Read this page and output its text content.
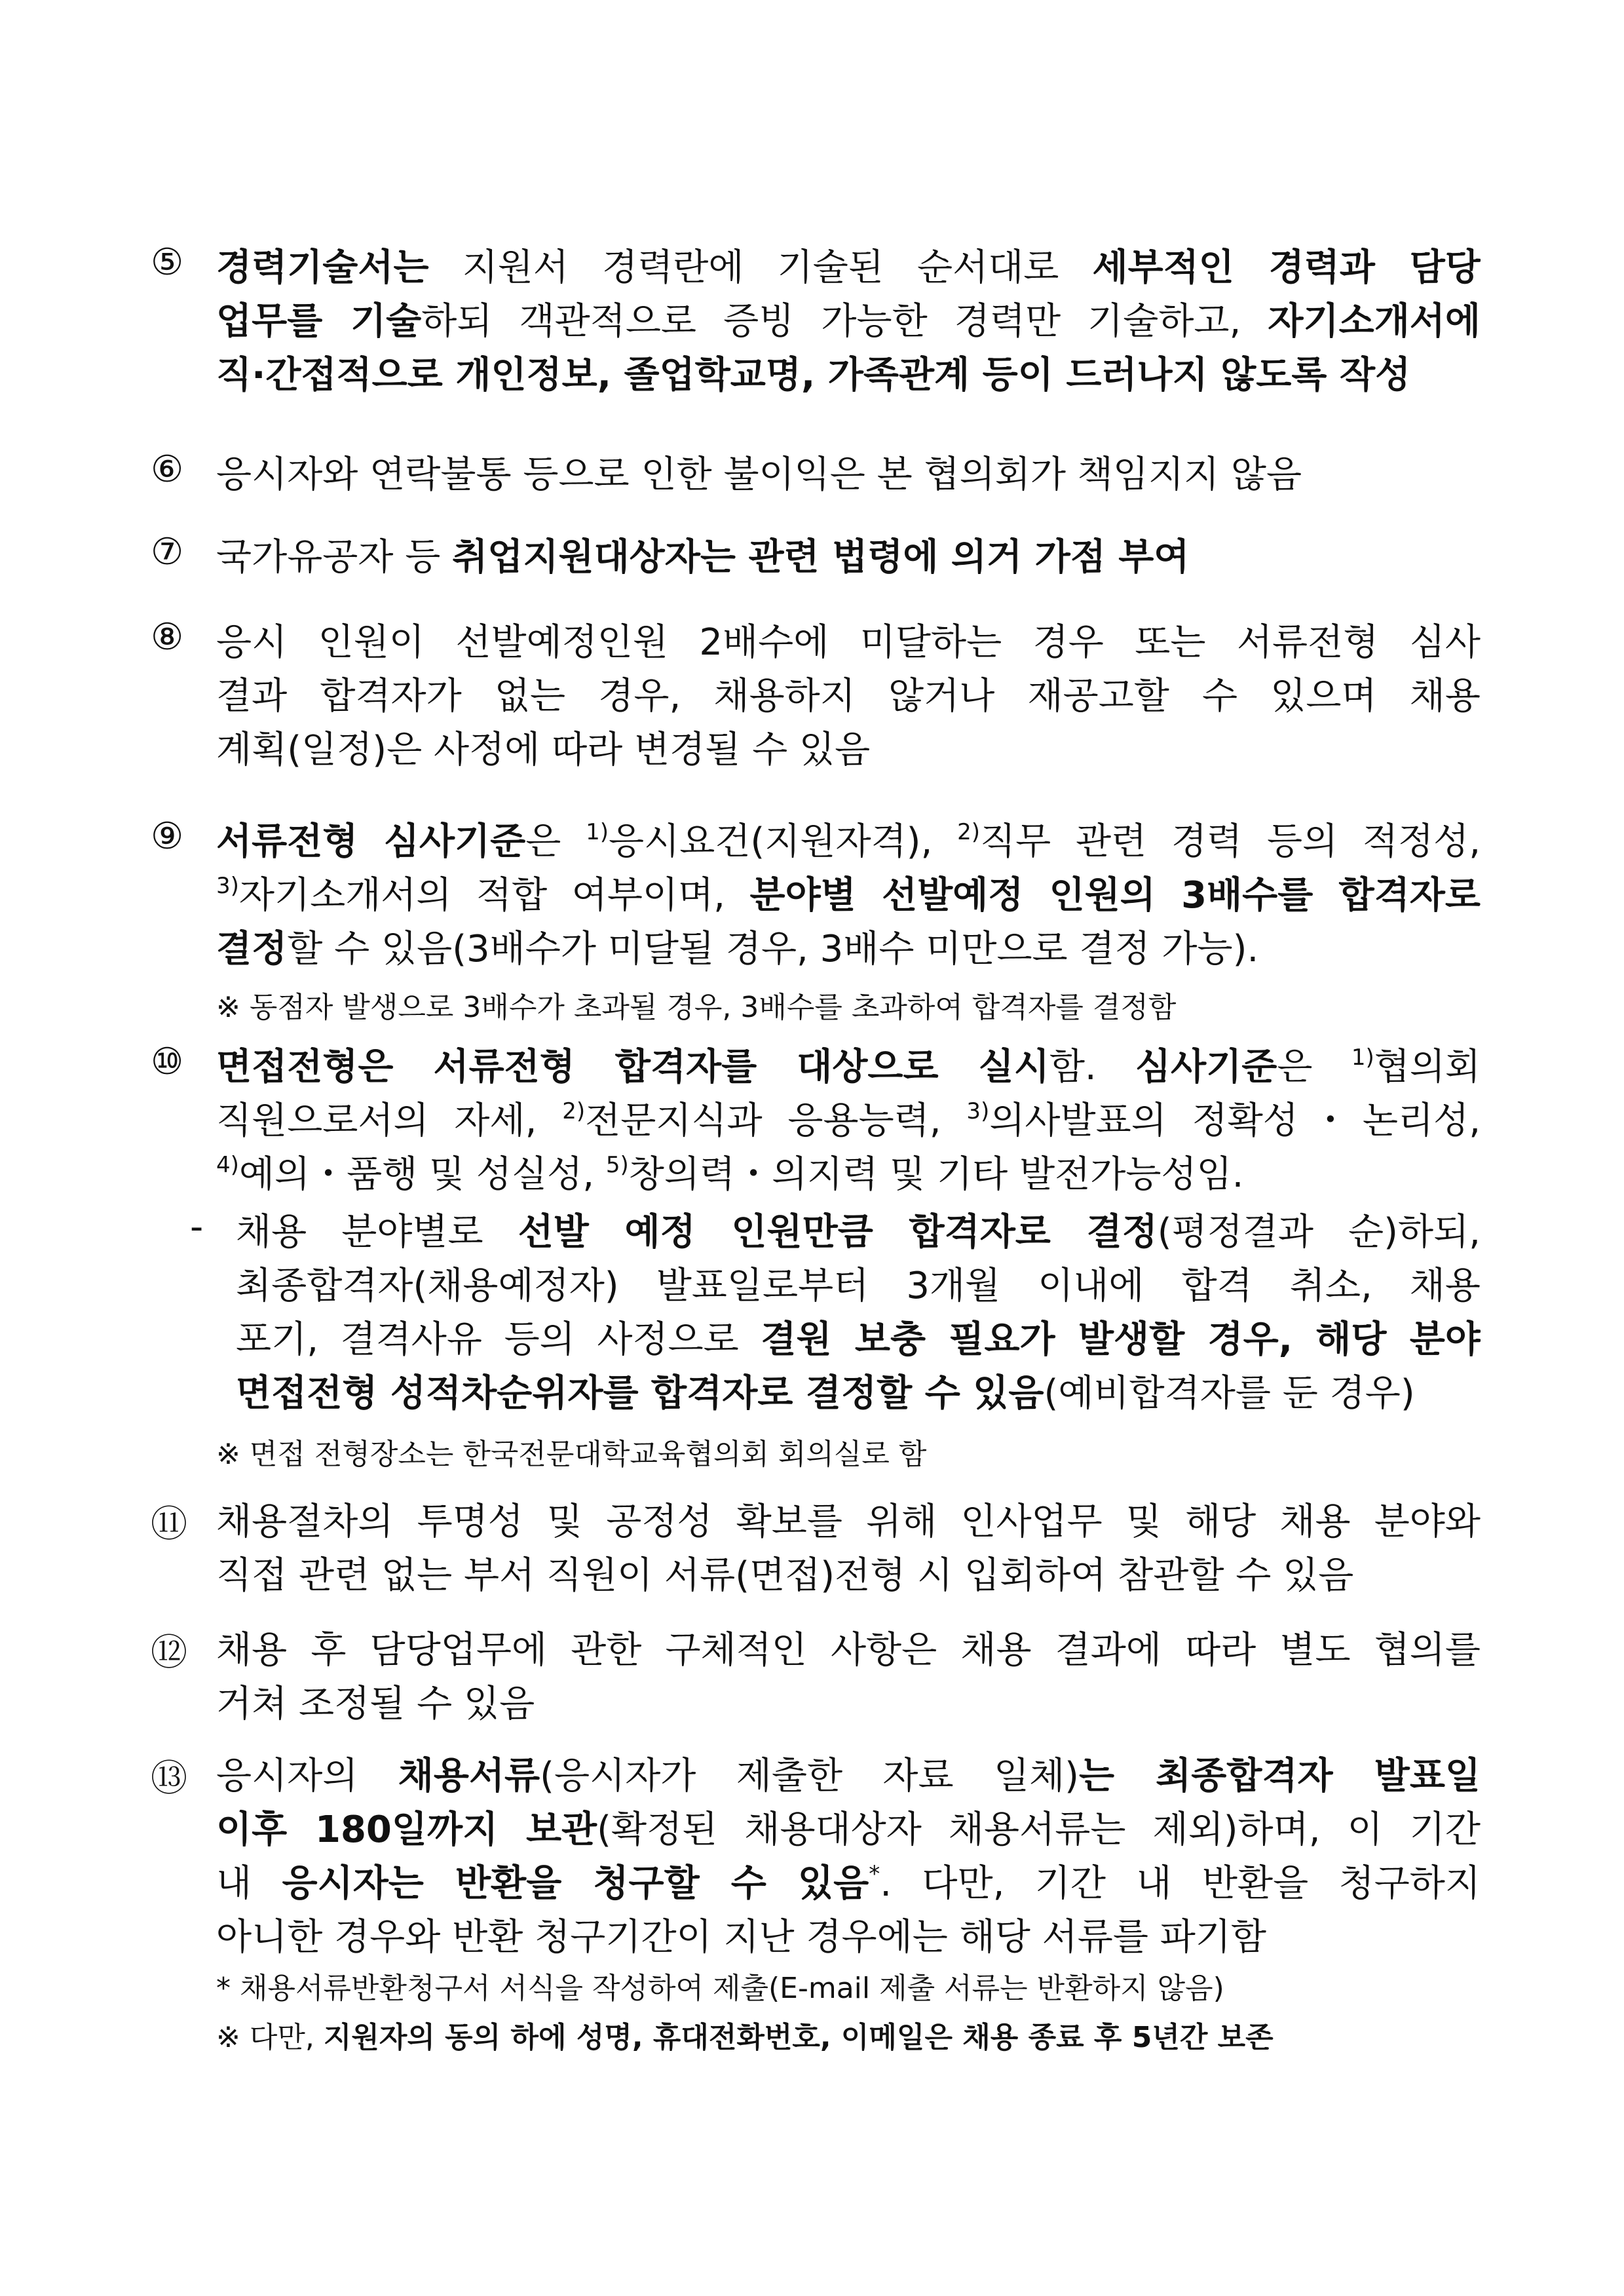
⑤ 경력기술서는 지원서 경력란에 기술된 순서대로 세부적인 경력과 담당
업무를 기술하되 객관적으로 증빙 가능한 경력만 기술하고, 자기소개서에
직·간접적으로 개인정보, 졸업학교명, 가족관계 등이 드러나지 않도록 작성
⑥ 응시자와 연락불통 등으로 인한 불이익은 본 협의회가 책임지지 않음
⑦ 국가유공자 등 취업지원대상자는 관련 법령에 의거 가점 부여
⑧ 응시 인원이 선발예정인원 2배수에 미달하는 경우 또는 서류전형 심사
결과 합격자가 없는 경우, 채용하지 않거나 재공고할 수 있으며 채용
계획(일정)은 사정에 따라 변경될 수 있음
⑨ 서류전형 심사기준은 $^{1)}$응시요건(지원자격), $^{2)}$직무 관련 경력 등의 적정성,
$^{3)}$자기소개서의 적합 여부이며, 분야별 선발예정 인원의 3배수를 합격자로
결정할 수 있음(3배수가 미달될 경우, 3배수 미만으로 결정 가능).
※ 동점자 발생으로 3배수가 초과될 경우, 3배수를 초과하여 합격자를 결정함
⑩ 면접전형은 서류전형 합격자를 대상으로 실시함. 심사기준은 $^{1)}$협의회
직원으로서의 자세, $^{2)}$전문지식과 응용능력, $^{3)}$의사발표의 정확성・논리성,
$^{4)}$예의・품행 및 성실성, $^{5)}$창의력・의지력 및 기타 발전가능성임.
- 채용 분야별로 선발 예정 인원만큼 합격자로 결정(평정결과 순)하되,
최종합격자(채용예정자) 발표일로부터 3개월 이내에 합격 취소, 채용
포기, 결격사유 등의 사정으로 결원 보충 필요가 발생할 경우, 해당 분야
면접전형 성적차순위자를 합격자로 결정할 수 있음(예비합격자를 둔 경우)
※ 면접 전형장소는 한국전문대학교육협의회 회의실로 함
⑪ 채용절차의 투명성 및 공정성 확보를 위해 인사업무 및 해당 채용 분야와
직접 관련 없는 부서 직원이 서류(면접)전형 시 입회하여 참관할 수 있음
⑫ 채용 후 담당업무에 관한 구체적인 사항은 채용 결과에 따라 별도 협의를
거쳐 조정될 수 있음
⑬ 응시자의 채용서류(응시자가 제출한 자료 일체)는 최종합격자 발표일
이후 180일까지 보관(확정된 채용대상자 채용서류는 제외)하며, 이 기간
내 응시자는 반환을 청구할 수 있음*. 다만, 기간 내 반환을 청구하지
아니한 경우와 반환 청구기간이 지난 경우에는 해당 서류를 파기함
* 채용서류반환청구서 서식을 작성하여 제출(E-mail 제출 서류는 반환하지 않음)
※ 다만, 지원자의 동의 하에 성명, 휴대전화번호, 이메일은 채용 종료 후 5년간 보존
